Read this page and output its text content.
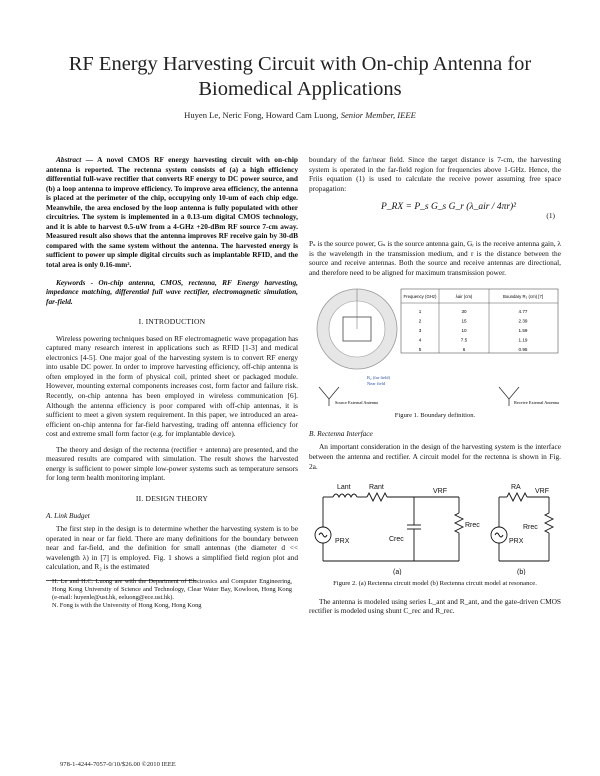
RF Energy Harvesting Circuit with On-chip Antenna for Biomedical Applications
Huyen Le, Neric Fong, Howard Cam Luong, Senior Member, IEEE

Abstract — A novel CMOS RF energy harvesting circuit with on-chip antenna is reported. The rectenna system consists of (a) a high efficiency differential full-wave rectifier that converts RF energy to DC power source, and (b) a loop antenna to improve efficiency. To improve area efficiency, the antenna is placed at the perimeter of the chip, occupying only 10-um of each chip edge. Meanwhile, the area enclosed by the loop antenna is fully populated with other circuitries. The system is implemented in a 0.13-um digital CMOS technology, and it is able to harvest 0.5-uW from a 4-GHz +20-dBm RF source 7-cm away. Measured result also shows that the antenna improves RF receive gain by 30-dB compared with the same system without the antenna. The harvested energy is sufficient to power up simple digital circuits such as implantable RFID, and the total area is only 0.16-mm².

Keywords - On-chip antenna, CMOS, rectenna, RF Energy harvesting, impedance matching, differential full wave rectifier, electromagnetic simulation, far-field.

I. INTRODUCTION

Wireless powering techniques based on RF electromagnetic wave propagation has captured many research interest in applications such as RFID [1-3] and medical electronics [4-5]. One major goal of the harvesting system is to convert RF energy into usable DC power. In order to improve harvesting efficiency, off-chip antenna is often employed in the form of physical coil, printed sheet or packaged module. However, mounting external components increases cost, form factor and failure risk. Recently, on-chip antenna has been employed in wireless communication [6]. Although the antenna efficiency is poor compared with off-chip antennas, it is sufficient to meet a given system requirement. In this paper, we introduced an area-efficient on-chip antenna for far-field harvesting, trading off antenna efficiency for cost and extreme small form factor (e.g. for implantable device).

The theory and design of the rectenna (rectifier + antenna) are presented, and the measured results are compared with simulation. The result shows the harvested energy is sufficient to power simple low-power systems such as temperature sensors for long term health monitoring implant.

II. DESIGN THEORY
A. Link Budget

The first step in the design is to determine whether the harvesting system is to be operated in near or far field. There are many definitions for the boundary between near and far-field, and the definition for small antennas (the diameter d << wavelength λ) in [7] is employed. Fig. 1 shows a simplified field region plot and calculation, and R₂ is the estimated

H. Le and H.C. Luong are with the Department of Electronics and Computer Engineering, Hong Kong University of Science and Technology, Clear Water Bay, Kowloon, Hong Kong (e-mail: huyenle@ust.hk, eeluong@ece.ust.hk).

N. Fong is with the University of Hong Kong, Hong Kong

boundary of the far/near field. Since the target distance is 7-cm, the harvesting system is operated in the far-field region for frequencies above 1-GHz. Hence, the Friis equation (1) is used to calculate the receive power assuming free space propagation:

P_RX = P_s G_s G_r (λ_air / 4πr)²
(1)

Pₛ is the source power, Gₛ is the source antenna gain, Gᵣ is the receive antenna gain, λ is the wavelength in the transmission medium, and r is the distance between the source and receive antennas. Both the source and receive antennas are directional, and therefore need to be aligned for maximum transmission power.

R₂ (far field)
Near field
Frequency (GHz)	λair (cm)	Boundary R₂ (cm) [7]
1	30	4.77
2	15	2.39
3	10	1.59
4	7.5	1.19
5	6	0.95
Source External Antenna	Receive External Antenna
Figure 1. Boundary definition.
B. Rectenna Interface

An important consideration in the design of the harvesting system is the interface between the antenna and rectifier. A circuit model for the rectenna is shown in Fig. 2a.

Lant	Rant
VRF
Crec
Rrec
PRX
(a)
RA
VRF
Rrec
PRX
(b)
Figure 2. (a) Rectenna circuit model (b) Rectenna circuit model at resonance.

The antenna is modeled using series L_ant and R_ant, and the gate-driven CMOS rectifier is modeled using shunt C_rec and R_rec.

978-1-4244-7057-0/10/$26.00 ©2010 IEEE
